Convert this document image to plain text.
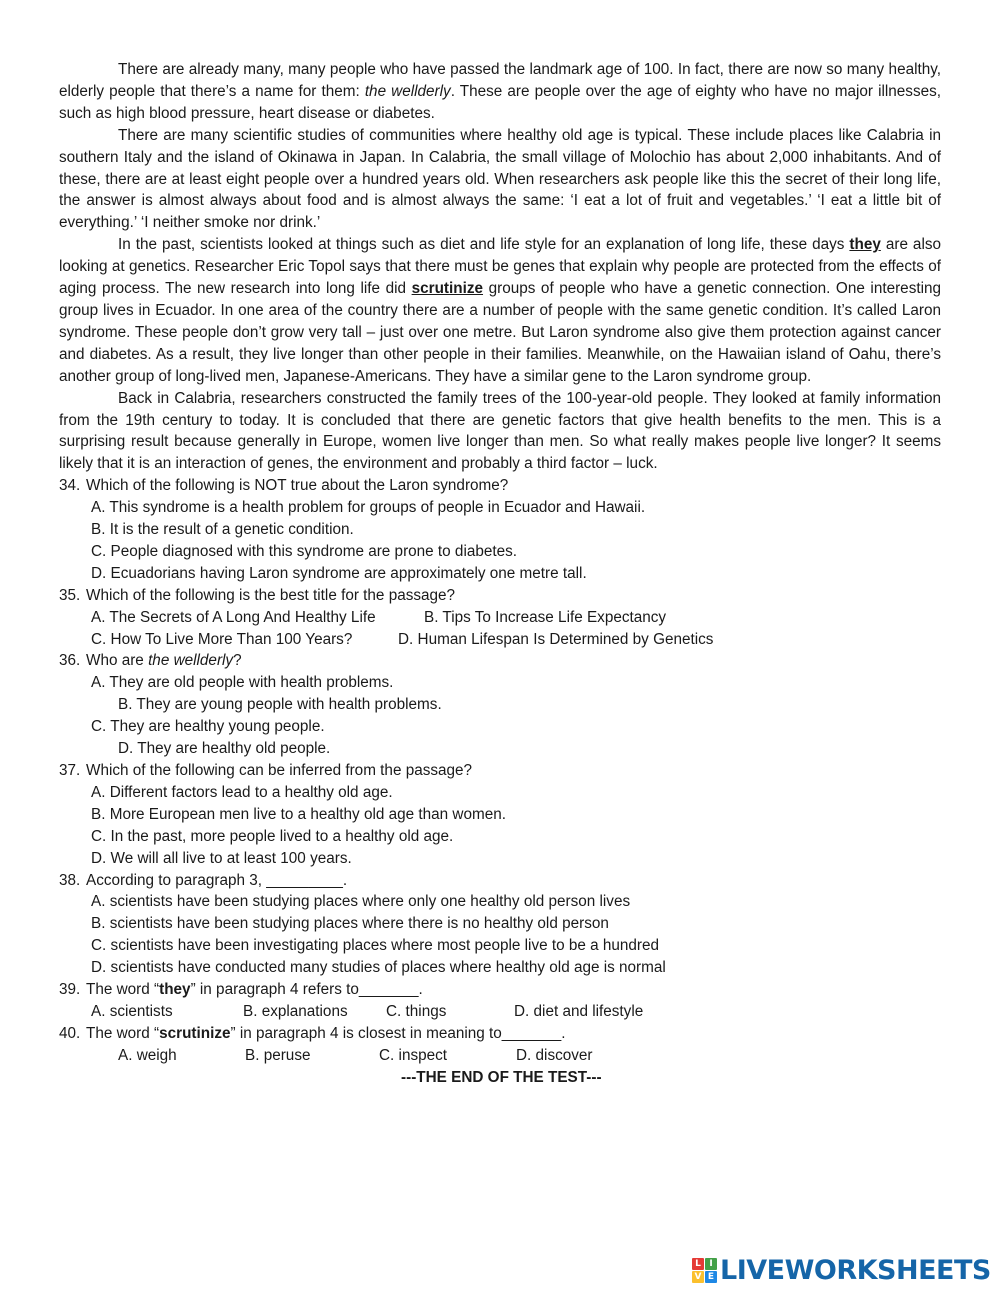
There are already many, many people who have passed the landmark age of 100. In fact, there are now so many healthy, elderly people that there’s a name for them: the wellderly. These are people over the age of eighty who have no major illnesses, such as high blood pressure, heart disease or diabetes.

There are many scientific studies of communities where healthy old age is typical. These include places like Calabria in southern Italy and the island of Okinawa in Japan. In Calabria, the small village of Molochio has about 2,000 inhabitants. And of these, there are at least eight people over a hundred years old. When researchers ask people like this the secret of their long life, the answer is almost always about food and is almost always the same: ‘I eat a lot of fruit and vegetables.’ ‘I eat a little bit of everything.’ ‘I neither smoke nor drink.’

In the past, scientists looked at things such as diet and life style for an explanation of long life, these days they are also looking at genetics. Researcher Eric Topol says that there must be genes that explain why people are protected from the effects of aging process. The new research into long life did scrutinize groups of people who have a genetic connection. One interesting group lives in Ecuador. In one area of the country there are a number of people with the same genetic condition. It’s called Laron syndrome. These people don’t grow very tall – just over one metre. But Laron syndrome also give them protection against cancer and diabetes. As a result, they live longer than other people in their families. Meanwhile, on the Hawaiian island of Oahu, there’s another group of long-lived men, Japanese-Americans. They have a similar gene to the Laron syndrome group.

Back in Calabria, researchers constructed the family trees of the 100-year-old people. They looked at family information from the 19th century to today. It is concluded that there are genetic factors that give health benefits to the men. This is a surprising result because generally in Europe, women live longer than men. So what really makes people live longer? It seems likely that it is an interaction of genes, the environment and probably a third factor – luck.

34. Which of the following is NOT true about the Laron syndrome?

A. This syndrome is a health problem for groups of people in Ecuador and Hawaii.

B. It is the result of a genetic condition.

C. People diagnosed with this syndrome are prone to diabetes.

D. Ecuadorians having Laron syndrome are approximately one metre tall.

35. Which of the following is the best title for the passage?

A. The Secrets of A Long And Healthy Life	B. Tips To Increase Life Expectancy

C. How To Live More Than 100 Years?	D. Human Lifespan Is Determined by Genetics

36. Who are the wellderly?

A. They are old people with health problems.

B. They are young people with health problems.

C. They are healthy young people.

D. They are healthy old people.

37. Which of the following can be inferred from the passage?

A. Different factors lead to a healthy old age.

B. More European men live to a healthy old age than women.

C. In the past, more people lived to a healthy old age.

D. We will all live to at least 100 years.

38. According to paragraph 3, _________.

A. scientists have been studying places where only one healthy old person lives

B. scientists have been studying places where there is no healthy old person

C. scientists have been investigating places where most people live to be a hundred

D. scientists have conducted many studies of places where healthy old age is normal

39. The word “they” in paragraph 4 refers to_______.

A. scientists	B. explanations	C. things	D. diet and lifestyle

40. The word “scrutinize” in paragraph 4 is closest in meaning to_______.

A. weigh	B. peruse	C. inspect	D. discover

---THE END OF THE TEST---

L I
V E LIVEWORKSHEETS
